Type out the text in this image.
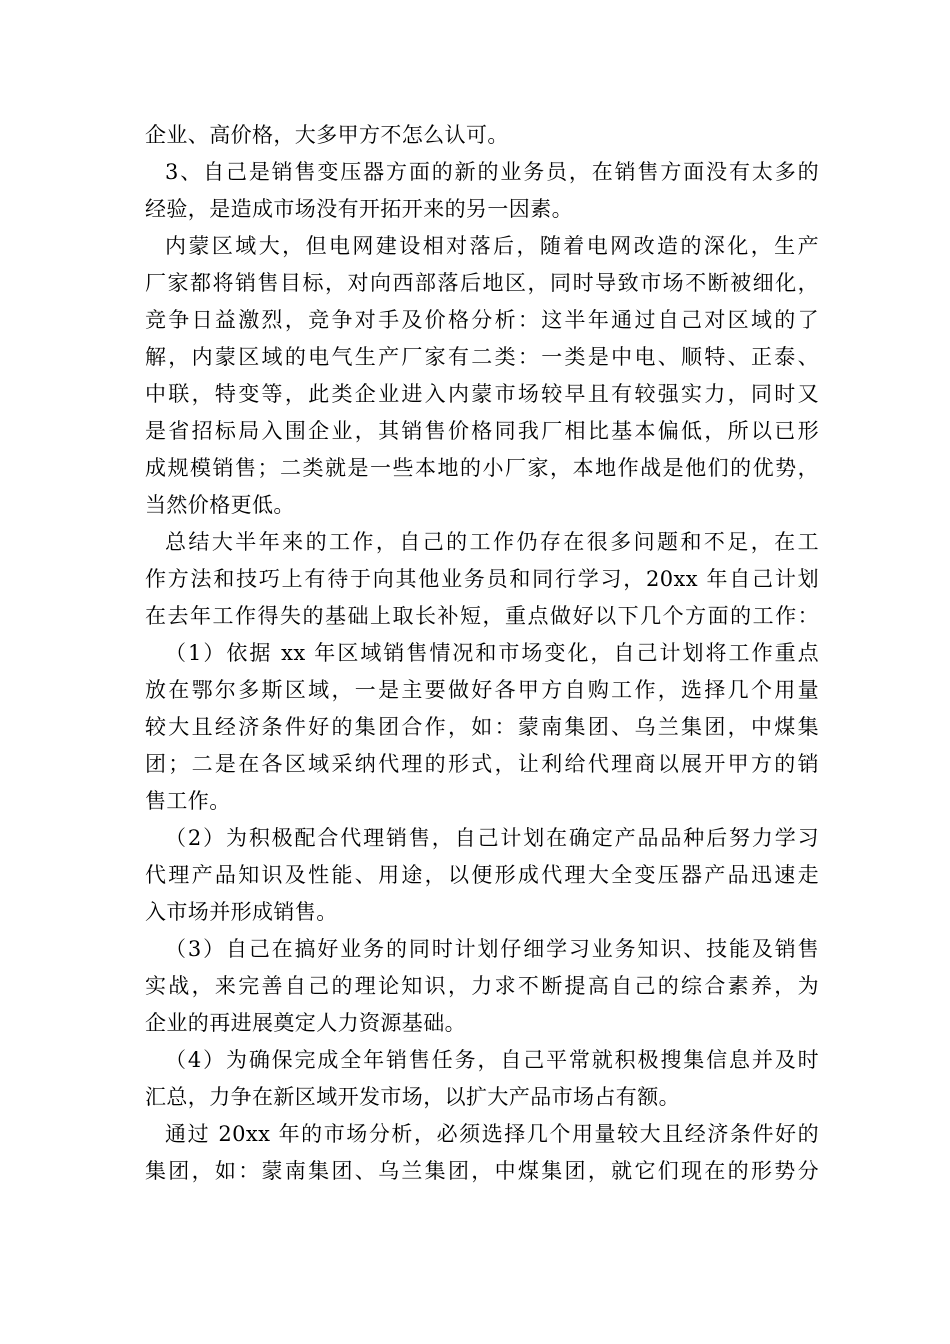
企业、高价格，大多甲方不怎么认可。
3、自己是销售变压器方面的新的业务员，在销售方面没有太多的
经验，是造成市场没有开拓开来的另一因素。
内蒙区域大，但电网建设相对落后，随着电网改造的深化，生产
厂家都将销售目标，对向西部落后地区，同时导致市场不断被细化，
竞争日益激烈，竞争对手及价格分析：这半年通过自己对区域的了
解，内蒙区域的电气生产厂家有二类：一类是中电、顺特、正泰、
中联，特变等，此类企业进入内蒙市场较早且有较强实力，同时又
是省招标局入围企业，其销售价格同我厂相比基本偏低，所以已形
成规模销售；二类就是一些本地的小厂家，本地作战是他们的优势，
当然价格更低。
总结大半年来的工作，自己的工作仍存在很多问题和不足，在工
作方法和技巧上有待于向其他业务员和同行学习，20xx 年自己计划
在去年工作得失的基础上取长补短，重点做好以下几个方面的工作：
（1）依据 xx 年区域销售情况和市场变化，自己计划将工作重点
放在鄂尔多斯区域，一是主要做好各甲方自购工作，选择几个用量
较大且经济条件好的集团合作，如：蒙南集团、乌兰集团，中煤集
团；二是在各区域采纳代理的形式，让利给代理商以展开甲方的销
售工作。
（2）为积极配合代理销售，自己计划在确定产品品种后努力学习
代理产品知识及性能、用途，以便形成代理大全变压器产品迅速走
入市场并形成销售。
（3）自己在搞好业务的同时计划仔细学习业务知识、技能及销售
实战，来完善自己的理论知识，力求不断提高自己的综合素养，为
企业的再进展奠定人力资源基础。
（4）为确保完成全年销售任务，自己平常就积极搜集信息并及时
汇总，力争在新区域开发市场，以扩大产品市场占有额。
通过 20xx 年的市场分析，必须选择几个用量较大且经济条件好的
集团，如：蒙南集团、乌兰集团，中煤集团，就它们现在的形势分
